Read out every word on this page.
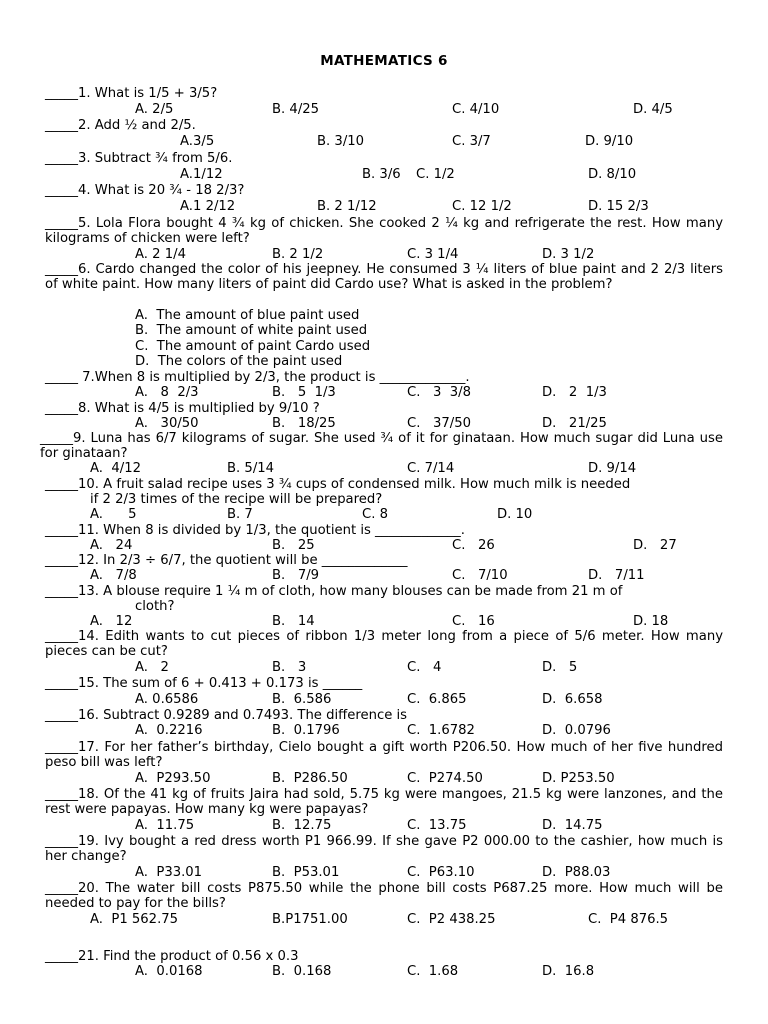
MATHEMATICS 6
_____1. What is 1/5 + 3/5?
A. 2/5	B. 4/25	C. 4/10	D. 4/5
_____2. Add ½ and 2/5.
A.3/5	B. 3/10	C. 3/7	D. 9/10
_____3. Subtract ¾ from 5/6.
A.1/12	B. 3/6 C. 1/2	D. 8/10
_____4. What is 20 ¾ - 18 2/3?
A.1 2/12	B. 2 1/12	C. 12 1/2	D. 15 2/3
_____5. Lola Flora bought 4 ¾ kg of chicken. She cooked 2 ¼ kg and refrigerate the rest. How many kilograms of chicken were left?
A. 2 1/4	B. 2 1/2	C. 3 1/4	D. 3 1/2
_____6. Cardo changed the color of his jeepney. He consumed 3 ¼ liters of blue paint and 2 2/3 liters of white paint. How many liters of paint did Cardo use? What is asked in the problem?
A.  The amount of blue paint used
B.  The amount of white paint used
C.  The amount of paint Cardo used
D.  The colors of the paint used
_____ 7.When 8 is multiplied by 2/3, the product is _____________.
A.   8  2/3	B.   5  1/3	C.   3  3/8	D.   2  1/3
_____8. What is 4/5 is multiplied by 9/10 ?
A.   30/50	B.   18/25	C.   37/50	D.   21/25
_____9. Luna has 6/7 kilograms of sugar. She used ¾ of it for ginataan. How much sugar did Luna use for ginataan?
A.  4/12	B. 5/14	C. 7/14	D. 9/14
_____10. A fruit salad recipe uses 3 ¾ cups of condensed milk. How much milk is needed
if 2 2/3 times of the recipe will be prepared?
A.      5	B. 7	C. 8	D. 10
_____11. When 8 is divided by 1/3, the quotient is _____________.
A.   24	B.   25	C.   26	D.   27
_____12. In 2/3 ÷ 6/7, the quotient will be _____________
A.   7/8	B.   7/9	C.   7/10	D.   7/11
_____13. A blouse require 1 ¼ m of cloth, how many blouses can be made from 21 m of
cloth?
A.   12	B.   14	C.   16	D. 18
_____14. Edith wants to cut pieces of ribbon 1/3 meter long from a piece of 5/6 meter. How many pieces can be cut?
A.   2	B.   3	C.   4	D.   5
_____15. The sum of 6 + 0.413 + 0.173 is ______
A. 0.6586	B.  6.586	C.  6.865	D.  6.658
_____16. Subtract 0.9289 and 0.7493. The difference is
A.  0.2216	B.  0.1796	C.  1.6782	D.  0.0796
_____17. For her father’s birthday, Cielo bought a gift worth P206.50. How much of her five hundred peso bill was left?
A.  P293.50	B.  P286.50	C.  P274.50	D. P253.50
_____18. Of the 41 kg of fruits Jaira had sold, 5.75 kg were mangoes, 21.5 kg were lanzones, and the rest were papayas. How many kg were papayas?
A.  11.75	B.  12.75	C.  13.75	D.  14.75
_____19. Ivy bought a red dress worth P1 966.99. If she gave P2 000.00 to the cashier, how much is her change?
A.  P33.01	B.  P53.01	C.  P63.10	D.  P88.03
_____20. The water bill costs P875.50 while the phone bill costs P687.25 more. How much will be needed to pay for the bills?
A.  P1 562.75	B.P1751.00	C.  P2 438.25	C.  P4 876.5
_____21. Find the product of 0.56 x 0.3
A.  0.0168	B.  0.168	C.  1.68	D.  16.8
